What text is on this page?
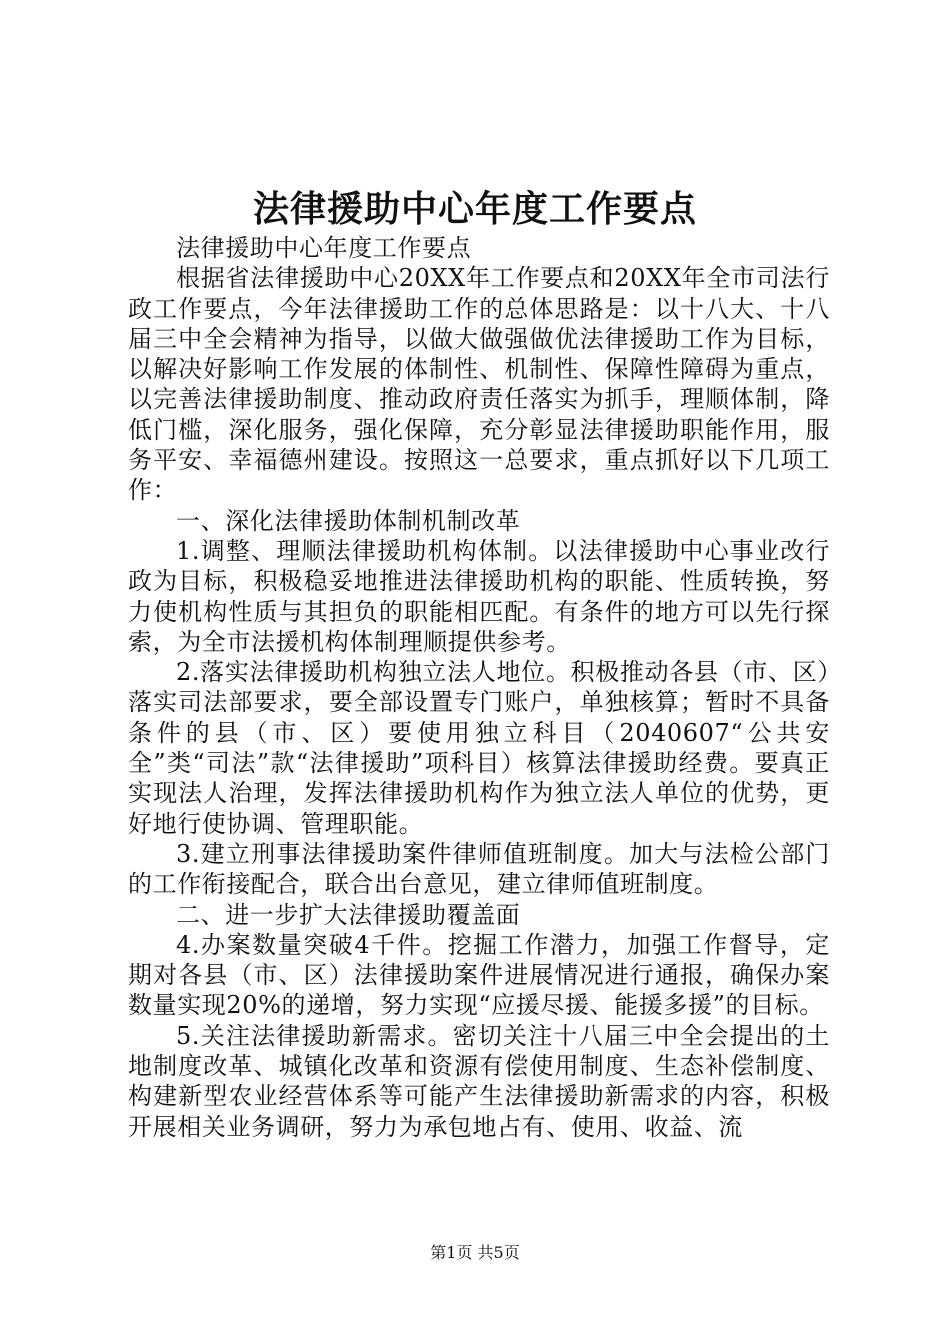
法律援助中心年度工作要点

法律援助中心年度工作要点

根据省法律援助中心20XX年工作要点和20XX年全市司法行政工作要点，今年法律援助工作的总体思路是：以十八大、十八届三中全会精神为指导，以做大做强做优法律援助工作为目标，以解决好影响工作发展的体制性、机制性、保障性障碍为重点，以完善法律援助制度、推动政府责任落实为抓手，理顺体制，降低门槛，深化服务，强化保障，充分彰显法律援助职能作用，服务平安、幸福德州建设。按照这一总要求，重点抓好以下几项工作：

一、深化法律援助体制机制改革

1.调整、理顺法律援助机构体制。以法律援助中心事业改行政为目标，积极稳妥地推进法律援助机构的职能、性质转换，努力使机构性质与其担负的职能相匹配。有条件的地方可以先行探索，为全市法援机构体制理顺提供参考。

2.落实法律援助机构独立法人地位。积极推动各县（市、区）落实司法部要求，要全部设置专门账户，单独核算；暂时不具备条件的县（市、区）要使用独立科目（2040607“公共安全”类“司法”款“法律援助”项科目）核算法律援助经费。要真正实现法人治理，发挥法律援助机构作为独立法人单位的优势，更好地行使协调、管理职能。

3.建立刑事法律援助案件律师值班制度。加大与法检公部门的工作衔接配合，联合出台意见，建立律师值班制度。

二、进一步扩大法律援助覆盖面

4.办案数量突破4千件。挖掘工作潜力，加强工作督导，定期对各县（市、区）法律援助案件进展情况进行通报，确保办案数量实现20%的递增，努力实现“应援尽援、能援多援”的目标。

5.关注法律援助新需求。密切关注十八届三中全会提出的土地制度改革、城镇化改革和资源有偿使用制度、生态补偿制度、构建新型农业经营体系等可能产生法律援助新需求的内容，积极开展相关业务调研，努力为承包地占有、使用、收益、流

第1页 共5页
